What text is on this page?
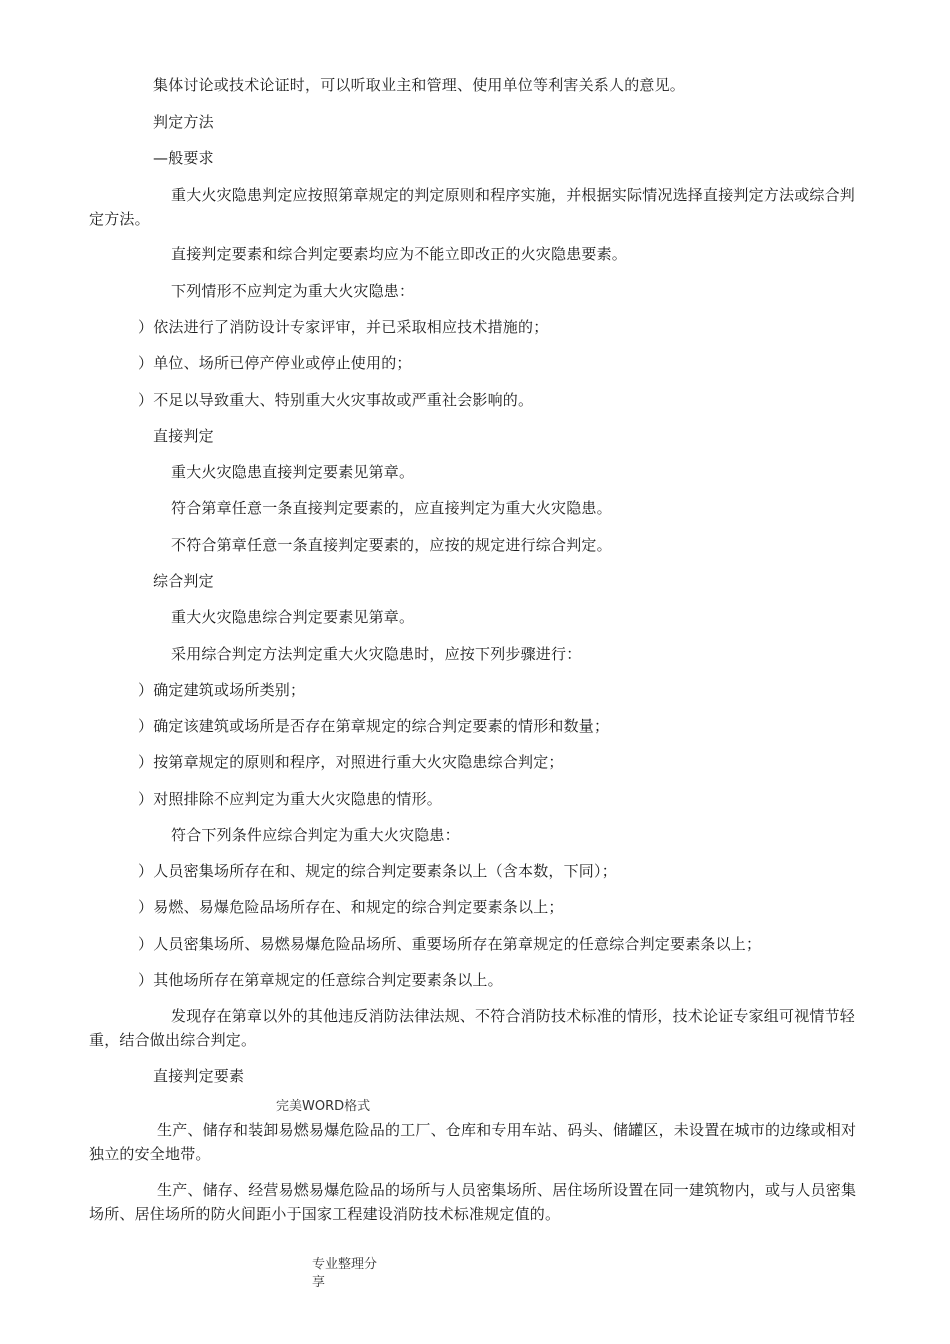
集体讨论或技术论证时，可以听取业主和管理、使用单位等利害关系人的意见。
判定方法
—般要求
重大火灾隐患判定应按照第章规定的判定原则和程序实施，并根据实际情况选择直接判定方法或综合判定方法。
直接判定要素和综合判定要素均应为不能立即改正的火灾隐患要素。
下列情形不应判定为重大火灾隐患：
）依法进行了消防设计专家评审，并已采取相应技术措施的；
）单位、场所已停产停业或停止使用的；
）不足以导致重大、特别重大火灾事故或严重社会影响的。
直接判定
重大火灾隐患直接判定要素见第章。
符合第章任意一条直接判定要素的，应直接判定为重大火灾隐患。
不符合第章任意一条直接判定要素的，应按的规定进行综合判定。
综合判定
重大火灾隐患综合判定要素见第章。
采用综合判定方法判定重大火灾隐患时，应按下列步骤进行：
）确定建筑或场所类别；
）确定该建筑或场所是否存在第章规定的综合判定要素的情形和数量；
）按第章规定的原则和程序，对照进行重大火灾隐患综合判定；
）对照排除不应判定为重大火灾隐患的情形。
符合下列条件应综合判定为重大火灾隐患：
）人员密集场所存在和、规定的综合判定要素条以上（含本数，下同）；
）易燃、易爆危险品场所存在、和规定的综合判定要素条以上；
）人员密集场所、易燃易爆危险品场所、重要场所存在第章规定的任意综合判定要素条以上；
）其他场所存在第章规定的任意综合判定要素条以上。
发现存在第章以外的其他违反消防法律法规、不符合消防技术标准的情形，技术论证专家组可视情节轻重，结合做出综合判定。
直接判定要素
完美WORD格式
生产、储存和装卸易燃易爆危险品的工厂、仓库和专用车站、码头、储罐区，未设置在城市的边缘或相对独立的安全地带。
生产、储存、经营易燃易爆危险品的场所与人员密集场所、居住场所设置在同一建筑物内，或与人员密集场所、居住场所的防火间距小于国家工程建设消防技术标准规定值的。
专业整理分享
